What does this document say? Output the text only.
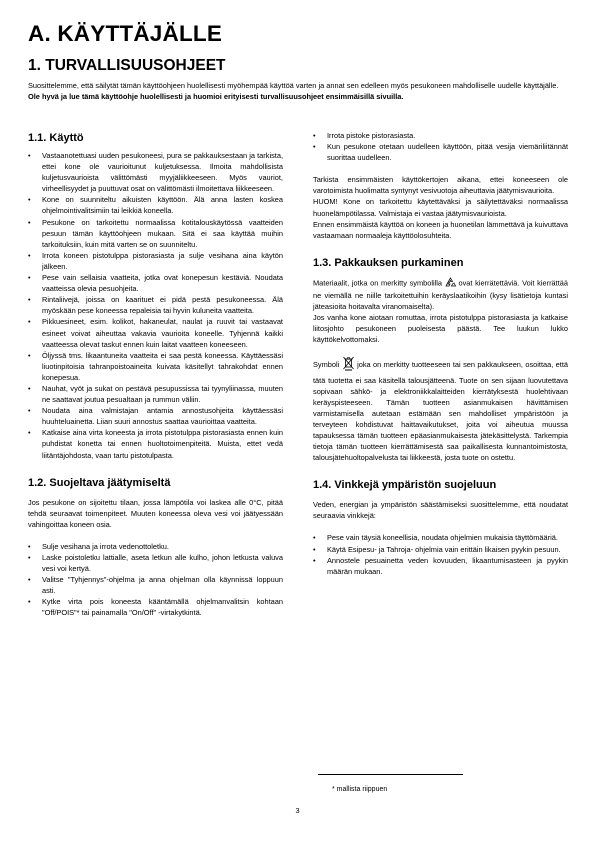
A. KÄYTTÄJÄLLE
1. TURVALLISUUSOHJEET
Suosittelemme, että säilytät tämän käyttöohjeen huolellisesti myöhempää käyttöä varten ja annat sen edelleen myös pesukoneen mahdolliselle uudelle käyttäjälle.
Ole hyvä ja lue tämä käyttöohje huolellisesti ja huomioi erityisesti turvallisuusohjeet ensimmäisillä sivuilla.
1.1. Käyttö
• Vastaanotettuasi uuden pesukoneesi, pura se pakkauksestaan ja tarkista, ettei kone ole vaurioitunut kuljetuksessa. Ilmoita mahdollisista kuljetusvaurioista välittömästi myyjäliikkeeseen. Myös vauriot, virheellisyydet ja puuttuvat osat on välittömästi ilmoitettava liikkeeseen.
• Kone on suunniteltu aikuisten käyttöön. Älä anna lasten koskea ohjelmointivalitsimiin tai leikkiä koneella.
• Pesukone on tarkoitettu normaalissa kotitalouskäytössä vaatteiden pesuun tämän käyttöohjeen mukaan. Sitä ei saa käyttää muihin tarkoituksiin, kuin mitä varten se on suunniteltu.
• Irrota koneen pistotulppa pistorasiasta ja sulje vesihana aina käytön jälkeen.
• Pese vain sellaisia vaatteita, jotka ovat konepesun kestäviä. Noudata vaatteissa olevia pesuohjeita.
• Rintaliivejä, joissa on kaarituet ei pidä pestä pesukoneessa. Älä myöskään pese koneessa repaleisia tai hyvin kuluneita vaatteita.
• Pikkuesineet, esim. kolikot, hakaneulat, naulat ja ruuvit tai vastaavat esineet voivat aiheuttaa vakavia vaurioita koneelle. Tyhjennä kaikki vaatteessa olevat taskut ennen kuin laitat vaatteen koneeseen.
• Öljyssä tms. likaantuneita vaatteita ei saa pestä koneessa. Käyttäessäsi liuotinpitoisia tahranpoistoaineita kuivata käsitellyt tahrakohdat ennen konepesua.
• Nauhat, vyöt ja sukat on pestävä pesupussissa tai tyynyliinassa, muuten ne saattavat joutua pesualtaan ja rummun väliin.
• Noudata aina valmistajan antamia annostusohjeita käyttäessäsi huuhteluainetta. Liian suuri annostus saattaa vaurioittaa vaatteita.
• Katkaise aina virta koneesta ja irrota pistotulppa pistorasiasta ennen kuin puhdistat konetta tai ennen huoltotoimenpiteitä. Muista, ettet vedä liitäntäjohdosta, vaan tartu pistotulpasta.
1.2. Suojeltava jäätymiseltä

Jos pesukone on sijoitettu tilaan, jossa lämpötila voi laskea alle 0°C, pitää tehdä seuraavat toimenpiteet. Muuten koneessa oleva vesi voi jäätyessään vahingoittaa koneen osia.

• Sulje vesihana ja irrota vedenottoletku.
• Laske poistoletku lattialle, aseta letkun alle kulho, johon letkusta valuva vesi voi kertyä.
• Valitse "Tyhjennys"-ohjelma ja anna ohjelman olla käynnissä loppuun asti.
• Kytke virta pois koneesta kääntämällä ohjelmanvalitsin kohtaan "Off/POIS"* tai painamalla "On/Off" -virtakytkintä.
• Irrota pistoke pistorasiasta.
• Kun pesukone otetaan uudelleen käyttöön, pitää vesija viemäriliitännät suorittaa uudelleen.

Tarkista ensimmäisten käyttökertojen aikana, ettei koneeseen ole varotoimista huolimatta syntynyt vesivuotoja aiheuttavia jäätymisvaurioita.

HUOM! Kone on tarkoitettu käytettäväksi ja säilytettäväksi normaalissa huonelämpötilassa. Valmistaja ei vastaa jäätymisvaurioista.

Ennen ensimmäistä käyttöä on koneen ja huonetilan lämmettävä ja kuivuttava vastaamaan normaaleja käyttöolosuhteita.

1.3. Pakkauksen purkaminen

Materiaalit, jotka on merkitty symbolilla ovat kierrätettäviä. Voit kierrättää ne viemällä ne niille tarkoitettuihin keräyslaatikoihin (kysy lisätietoja kuntasi jäteasioita hoitavalta viranomaiselta).

Jos vanha kone aiotaan romuttaa, irrota pistotulppa pistorasiasta ja katkaise liitosjohto pesukoneen puoleisesta päästä. Tee luukun lukko käyttökelvottomaksi.

Symboli joka on merkitty tuotteeseen tai sen pakkaukseen, osoittaa, että tätä tuotetta ei saa käsitellä talousjätteenä. Tuote on sen sijaan luovutettava sopivaan sähkö- ja elektroniikkalaitteiden kierrätyksestä huolehtivaan keräyspisteeseen. Tämän tuotteen asianmukaisen hävittämisen varmistamisella autetaan estämään sen mahdolliset ympäristöön ja terveyteen kohdistuvat haittavaikutukset, joita voi aiheutua muussa tapauksessa tämän tuotteen epäasianmukaisesta jätekäsittelystä. Tarkempia tietoja tämän tuotteen kierrättämisestä saa paikallisesta kunnantoimistosta, talousjätehuoltopalvelusta tai liikkeestä, josta tuote on ostettu.

1.4. Vinkkejä ympäristön suojeluun

Veden, energian ja ympäristön säästämiseksi suosittelemme, että noudatat seuraavia vinkkejä:

• Pese vain täysiä koneellisia, noudata ohjelmien mukaisia täyttömääriä.
• Käytä Esipesu- ja Tahroja- ohjelmia vain erittäin likaisen pyykin pesuun.
• Annostele pesuainetta veden kovuuden, likaantumisasteen ja pyykin määrän mukaan.
* mallista riippuen
3
